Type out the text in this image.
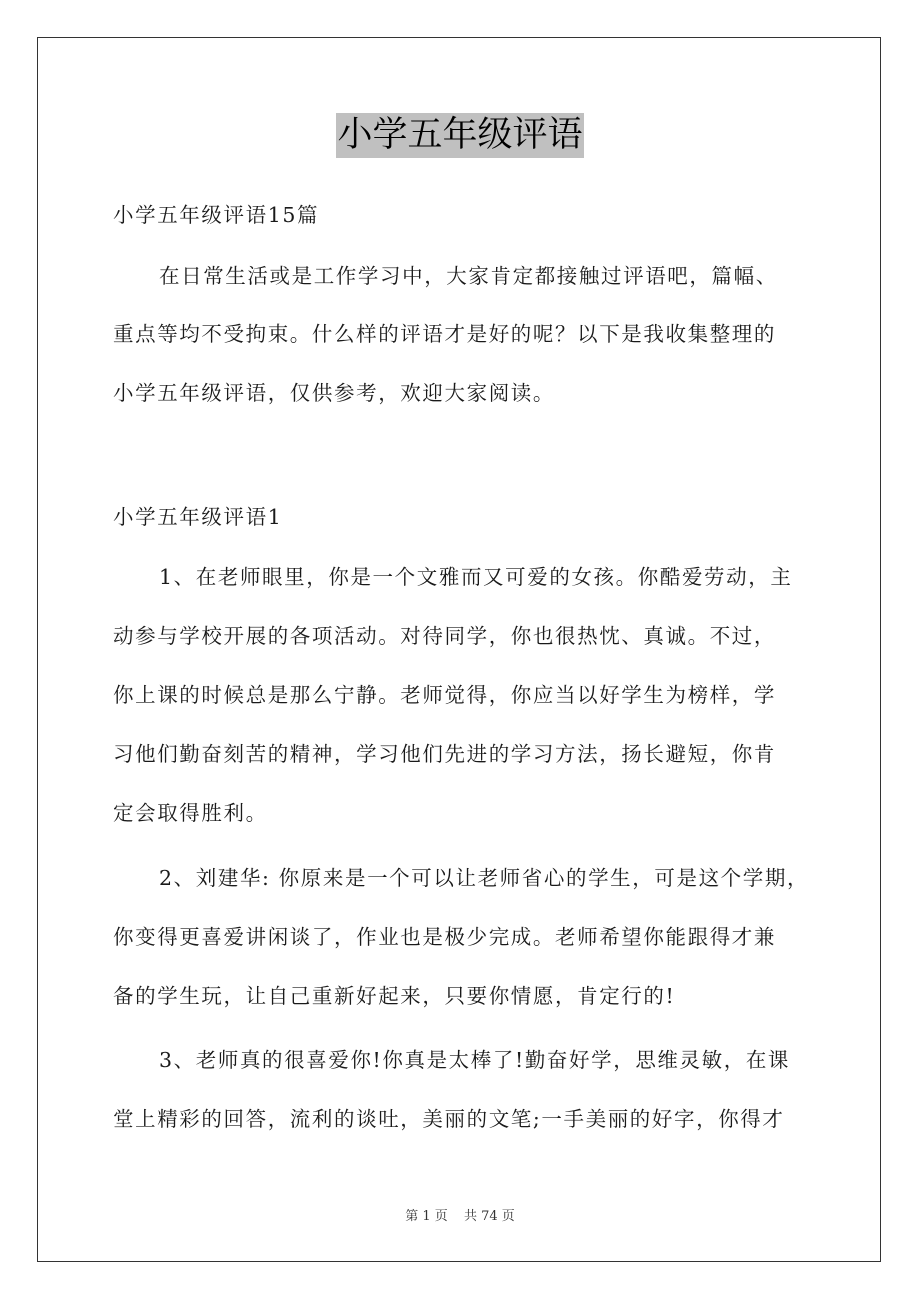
小学五年级评语
小学五年级评语15篇
在日常生活或是工作学习中，大家肯定都接触过评语吧，篇幅、
重点等均不受拘束。什么样的评语才是好的呢？以下是我收集整理的
小学五年级评语，仅供参考，欢迎大家阅读。
小学五年级评语1
1、在老师眼里，你是一个文雅而又可爱的女孩。你酷爱劳动，主
动参与学校开展的各项活动。对待同学，你也很热忱、真诚。不过，
你上课的时候总是那么宁静。老师觉得，你应当以好学生为榜样，学
习他们勤奋刻苦的精神，学习他们先进的学习方法，扬长避短，你肯
定会取得胜利。
2、刘建华: 你原来是一个可以让老师省心的学生，可是这个学期，
你变得更喜爱讲闲谈了，作业也是极少完成。老师希望你能跟得才兼
备的学生玩，让自己重新好起来，只要你情愿，肯定行的!
3、老师真的很喜爱你!你真是太棒了!勤奋好学，思维灵敏，在课
堂上精彩的回答，流利的谈吐，美丽的文笔;一手美丽的好字，你得才
第 1 页 共 74 页
